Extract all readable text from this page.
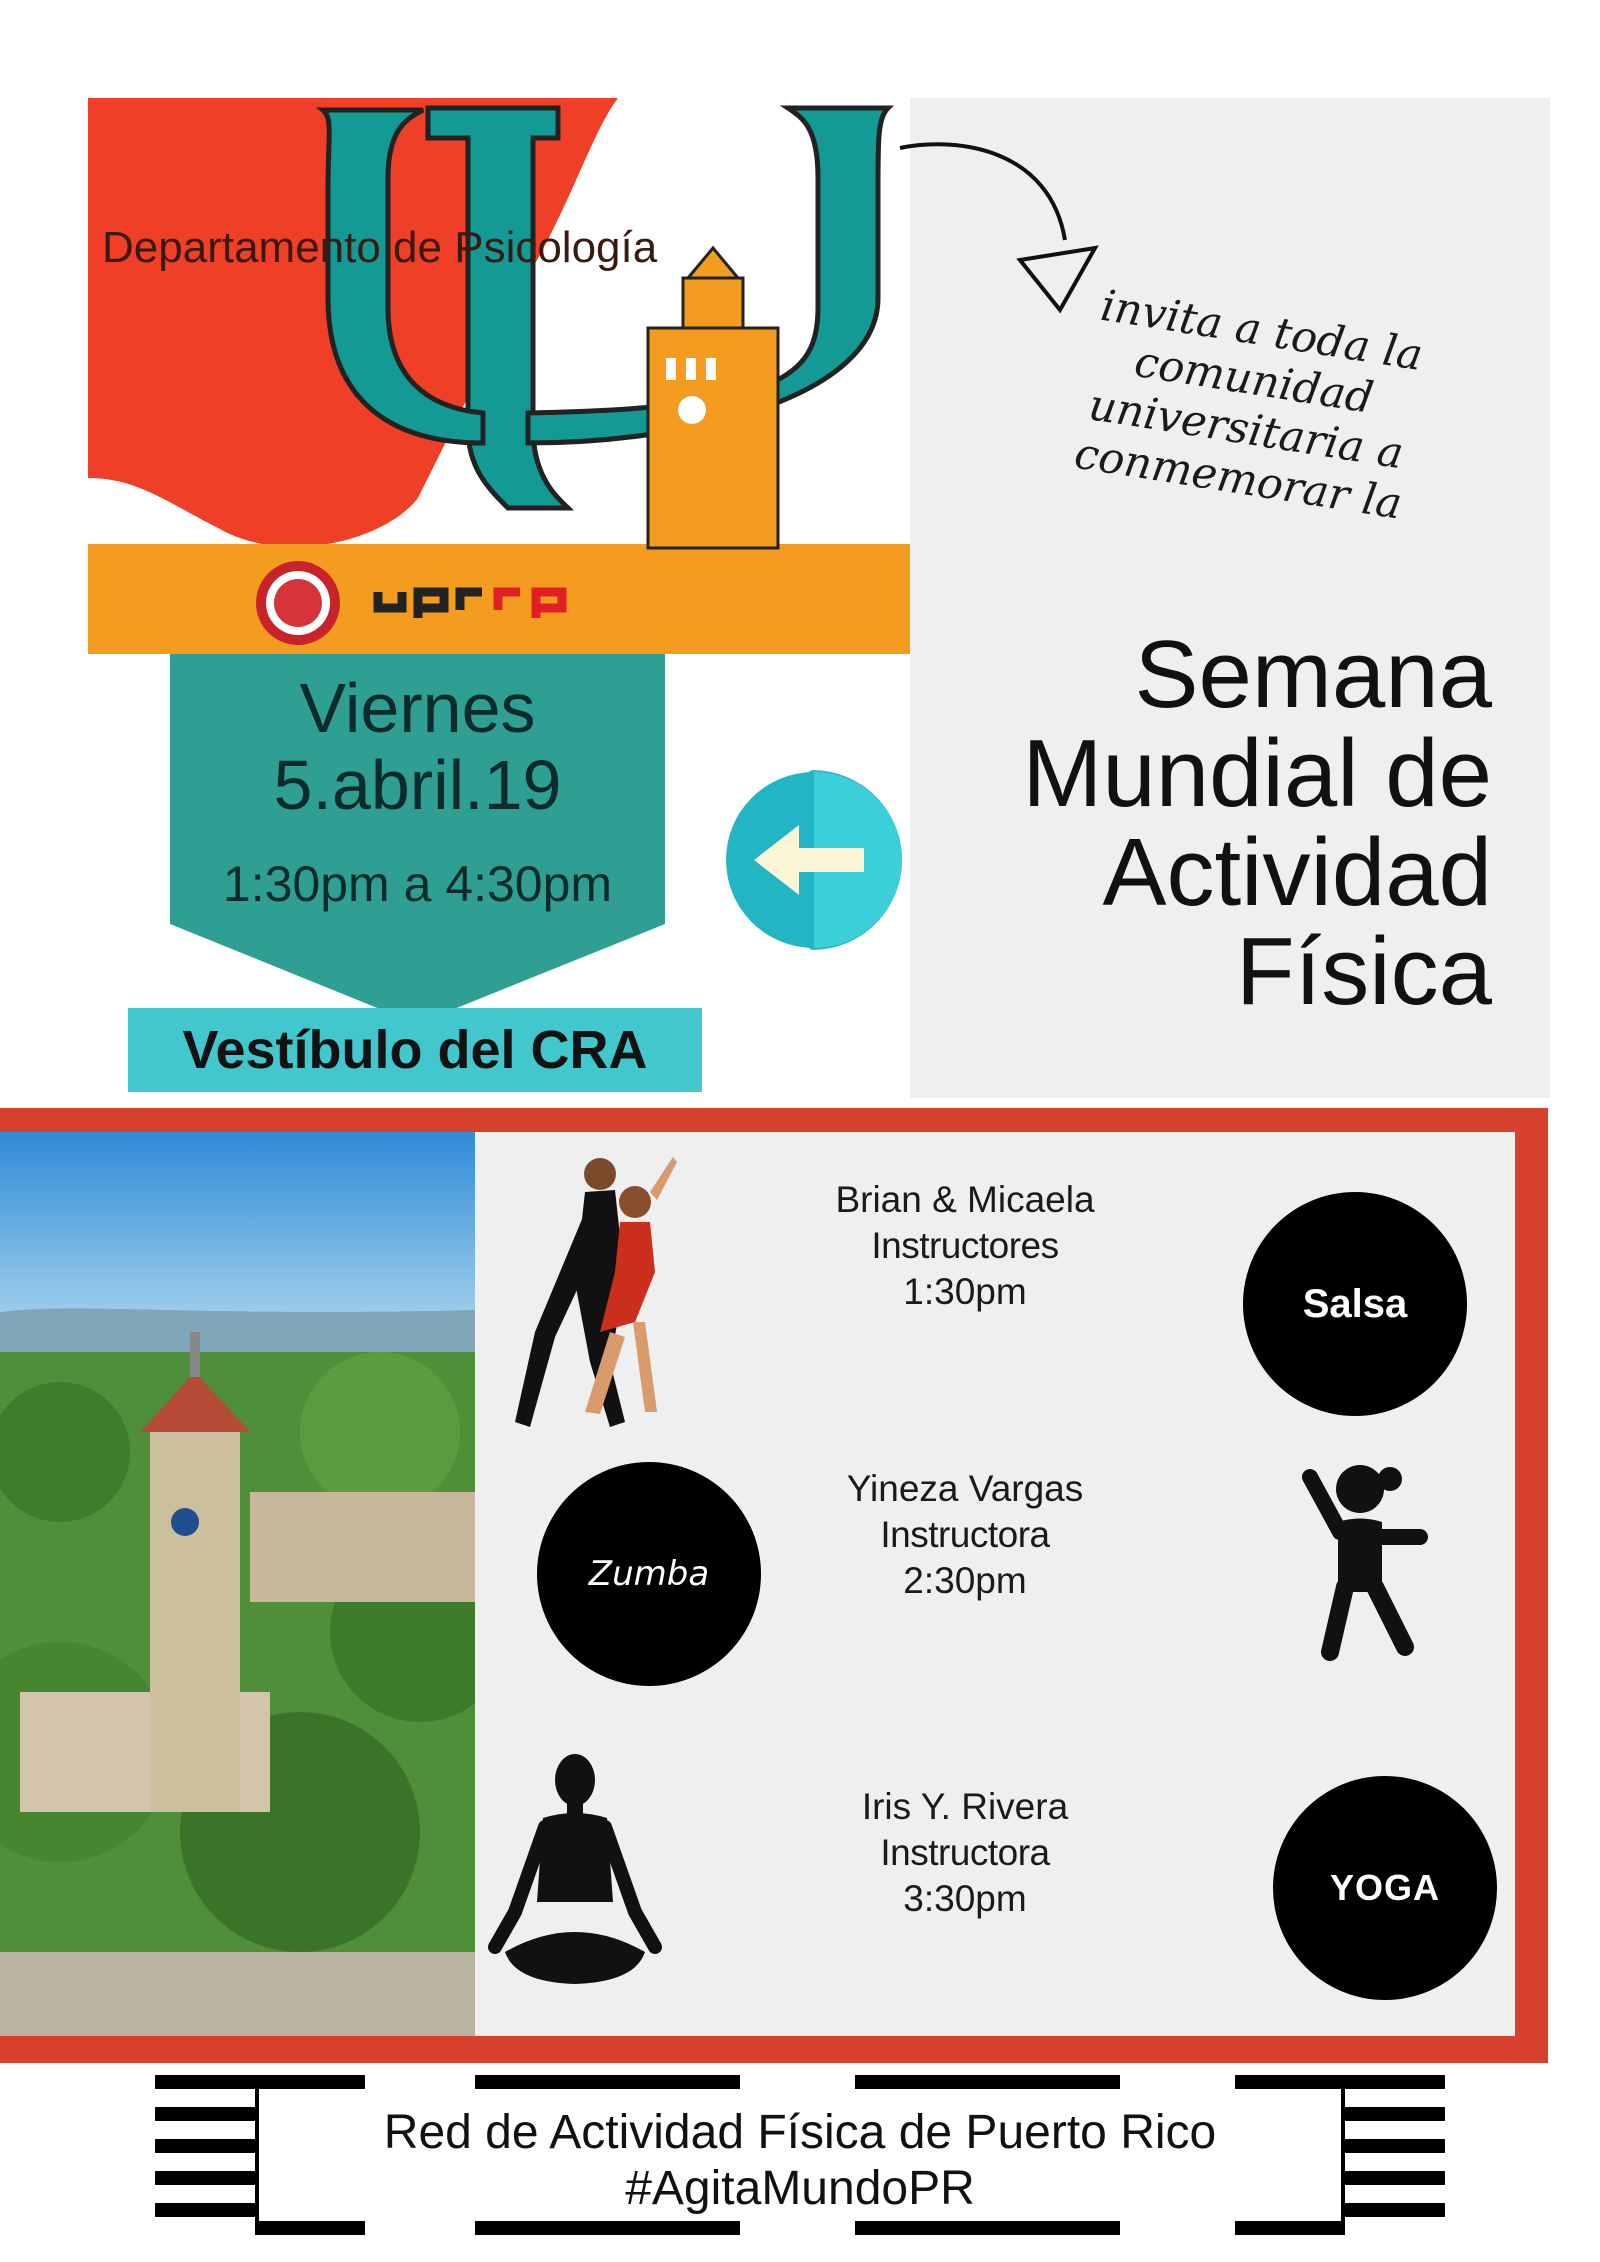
Departamento de Psicología
invita a toda la comunidad universitaria a conmemorar la
Semana Mundial de Actividad Física
Viernes
5.abril.19
1:30pm a 4:30pm
Vestíbulo del CRA
Brian & Micaela
Instructores
1:30pm	Salsa
Zumba
Yineza Vargas
Instructora
2:30pm
Iris Y. Rivera
Instructora
3:30pm	YOGA
Red de Actividad Física de Puerto Rico
#AgitaMundoPR
